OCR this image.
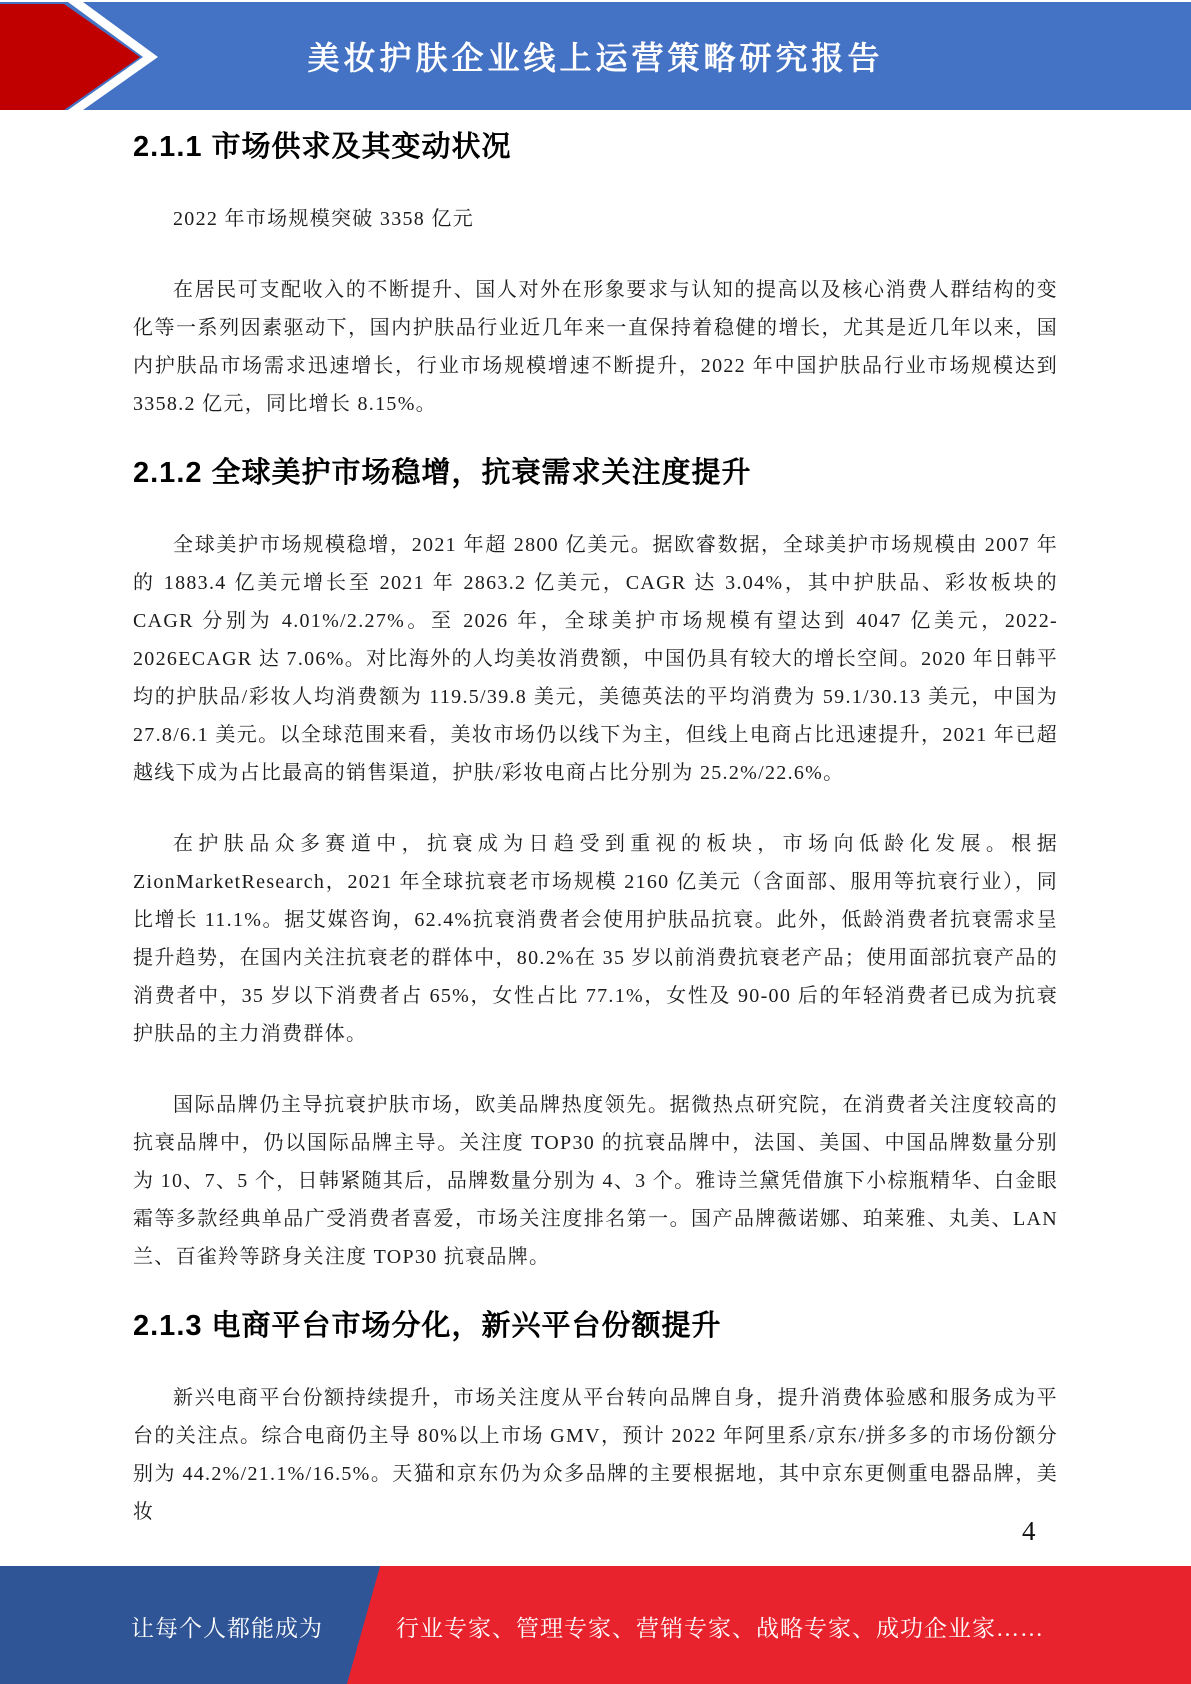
美妆护肤企业线上运营策略研究报告
2.1.1 市场供求及其变动状况

2022 年市场规模突破 3358 亿元

在居民可支配收入的不断提升、国人对外在形象要求与认知的提高以及核心消费人群结构的变化等一系列因素驱动下，国内护肤品行业近几年来一直保持着稳健的增长，尤其是近几年以来，国内护肤品市场需求迅速增长，行业市场规模增速不断提升，2022 年中国护肤品行业市场规模达到 3358.2 亿元，同比增长 8.15%。

2.1.2 全球美护市场稳增，抗衰需求关注度提升

全球美护市场规模稳增，2021 年超 2800 亿美元。据欧睿数据，全球美护市场规模由 2007 年的 1883.4 亿美元增长至 2021 年 2863.2 亿美元，CAGR 达 3.04%，其中护肤品、彩妆板块的 CAGR 分别为 4.01%/2.27%。至 2026 年，全球美护市场规模有望达到 4047 亿美元，2022-2026ECAGR 达 7.06%。对比海外的人均美妆消费额，中国仍具有较大的增长空间。2020 年日韩平均的护肤品/彩妆人均消费额为 119.5/39.8 美元，美德英法的平均消费为 59.1/30.13 美元，中国为 27.8/6.1 美元。以全球范围来看，美妆市场仍以线下为主，但线上电商占比迅速提升，2021 年已超越线下成为占比最高的销售渠道，护肤/彩妆电商占比分别为 25.2%/22.6%。

在护肤品众多赛道中，抗衰成为日趋受到重视的板块，市场向低龄化发展。根据 ZionMarketResearch，2021 年全球抗衰老市场规模 2160 亿美元（含面部、服用等抗衰行业），同比增长 11.1%。据艾媒咨询，62.4%抗衰消费者会使用护肤品抗衰。此外，低龄消费者抗衰需求呈提升趋势，在国内关注抗衰老的群体中，80.2%在 35 岁以前消费抗衰老产品；使用面部抗衰产品的消费者中，35 岁以下消费者占 65%，女性占比 77.1%，女性及 90-00 后的年轻消费者已成为抗衰护肤品的主力消费群体。

国际品牌仍主导抗衰护肤市场，欧美品牌热度领先。据微热点研究院，在消费者关注度较高的抗衰品牌中，仍以国际品牌主导。关注度 TOP30 的抗衰品牌中，法国、美国、中国品牌数量分别为 10、7、5 个，日韩紧随其后，品牌数量分别为 4、3 个。雅诗兰黛凭借旗下小棕瓶精华、白金眼霜等多款经典单品广受消费者喜爱，市场关注度排名第一。国产品牌薇诺娜、珀莱雅、丸美、LAN兰、百雀羚等跻身关注度 TOP30 抗衰品牌。

2.1.3 电商平台市场分化，新兴平台份额提升

新兴电商平台份额持续提升，市场关注度从平台转向品牌自身，提升消费体验感和服务成为平台的关注点。综合电商仍主导 80%以上市场 GMV，预计 2022 年阿里系/京东/拼多多的市场份额分别为 44.2%/21.1%/16.5%。天猫和京东仍为众多品牌的主要根据地，其中京东更侧重电器品牌，美妆

4
让每个人都能成为	行业专家、管理专家、营销专家、战略专家、成功企业家……
